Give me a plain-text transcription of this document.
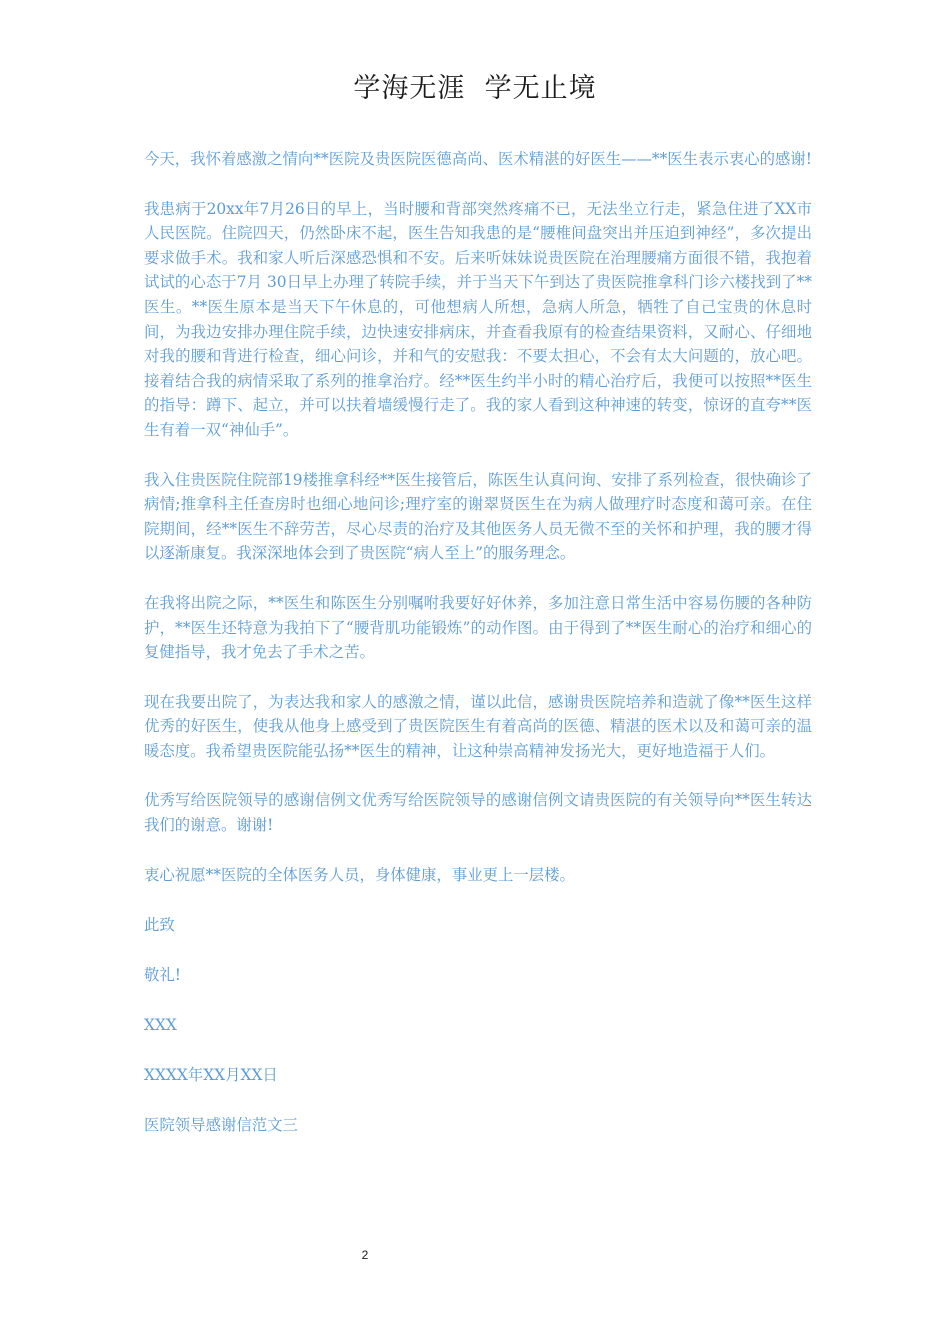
学海无涯  学无止境

今天，我怀着感激之情向**医院及贵医院医德高尚、医术精湛的好医生——**医生表示衷心的感谢!

我患病于20xx年7月26日的早上，当时腰和背部突然疼痛不已，无法坐立行走，紧急住进了XX市人民医院。住院四天，仍然卧床不起，医生告知我患的是“腰椎间盘突出并压迫到神经”，多次提出要求做手术。我和家人听后深感恐惧和不安。后来听妹妹说贵医院在治理腰痛方面很不错，我抱着试试的心态于7月 30日早上办理了转院手续，并于当天下午到达了贵医院推拿科门诊六楼找到了**医生。**医生原本是当天下午休息的，可他想病人所想，急病人所急，牺牲了自己宝贵的休息时间，为我边安排办理住院手续，边快速安排病床，并查看我原有的检查结果资料，又耐心、仔细地对我的腰和背进行检查，细心问诊，并和气的安慰我：不要太担心，不会有太大问题的，放心吧。接着结合我的病情采取了系列的推拿治疗。经**医生约半小时的精心治疗后，我便可以按照**医生的指导：蹲下、起立，并可以扶着墙缓慢行走了。我的家人看到这种神速的转变，惊讶的直夸**医生有着一双“神仙手”。

我入住贵医院住院部19楼推拿科经**医生接管后，陈医生认真问询、安排了系列检查，很快确诊了病情;推拿科主任查房时也细心地问诊;理疗室的谢翠贤医生在为病人做理疗时态度和蔼可亲。在住院期间，经**医生不辞劳苦，尽心尽责的治疗及其他医务人员无微不至的关怀和护理，我的腰才得以逐渐康复。我深深地体会到了贵医院“病人至上”的服务理念。

在我将出院之际，**医生和陈医生分别嘱咐我要好好休养，多加注意日常生活中容易伤腰的各种防护，**医生还特意为我拍下了“腰背肌功能锻炼”的动作图。由于得到了**医生耐心的治疗和细心的复健指导，我才免去了手术之苦。

现在我要出院了，为表达我和家人的感激之情，谨以此信，感谢贵医院培养和造就了像**医生这样优秀的好医生，使我从他身上感受到了贵医院医生有着高尚的医德、精湛的医术以及和蔼可亲的温暖态度。我希望贵医院能弘扬**医生的精神，让这种崇高精神发扬光大，更好地造福于人们。

优秀写给医院领导的感谢信例文优秀写给医院领导的感谢信例文请贵医院的有关领导向**医生转达我们的谢意。谢谢!

衷心祝愿**医院的全体医务人员，身体健康，事业更上一层楼。

此致

敬礼!

XXX

XXXX年XX月XX日

医院领导感谢信范文三

2
